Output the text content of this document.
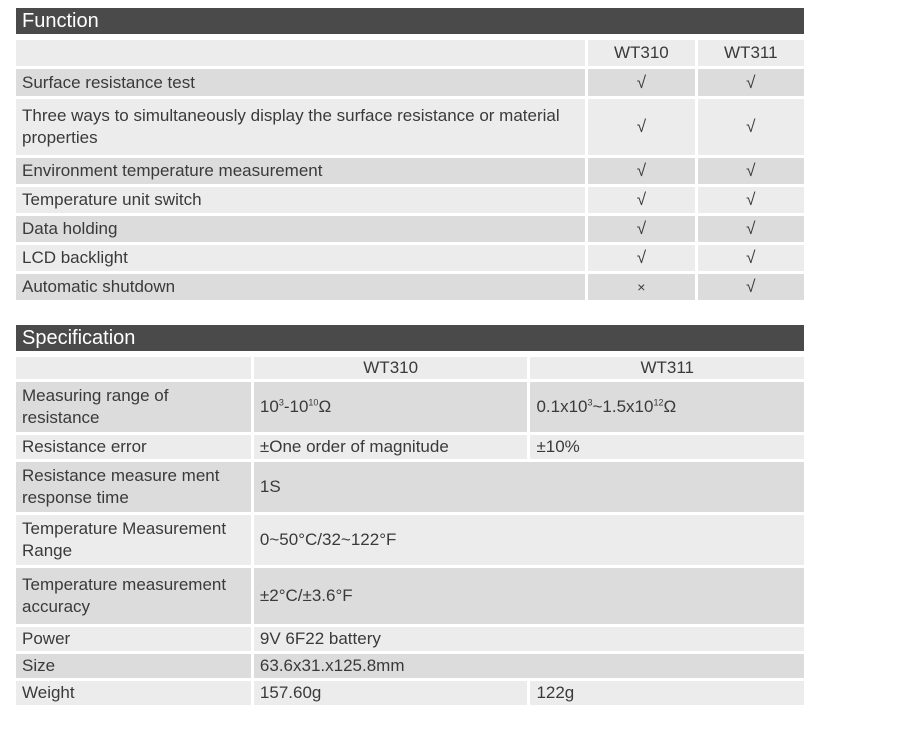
Function
	WT310	WT311
Surface resistance test	√	√
Three ways to simultaneously display the surface resistance or material properties	√	√
Environment temperature measurement	√	√
Temperature unit switch	√	√
Data holding	√	√
LCD backlight	√	√
Automatic shutdown	×	√
Specification
	WT310	WT311
Measuring range of resistance	$10^3-10^{10}\Omega$	$0.1x10^3\sim 1.5x10^{12}\Omega$
Resistance error	±One order of magnitude	±10%
Resistance measure ment response time	1S	
Temperature Measurement Range	0~50°C/32~122°F	
Temperature measurement accuracy	±2°C/±3.6°F	
Power	9V 6F22 battery	
Size	63.6x31.x125.8mm	
Weight	157.60g	122g
